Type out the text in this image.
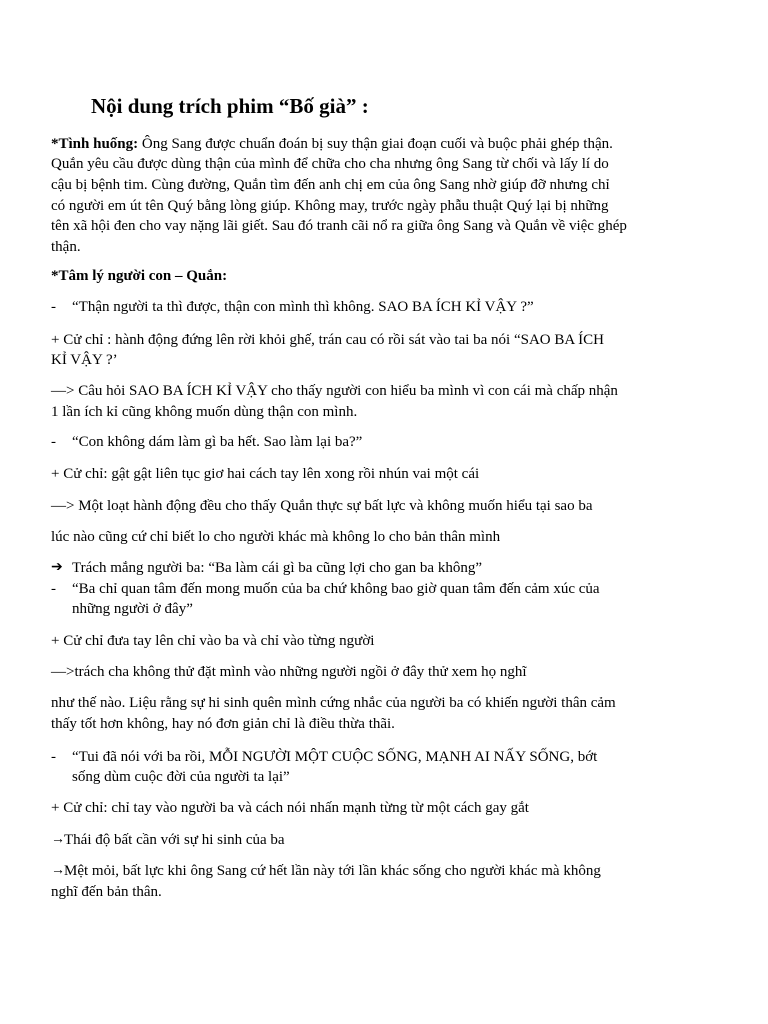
Nội dung trích phim “Bố già” :
*Tình huống: Ông Sang được chuẩn đoán bị suy thận giai đoạn cuối và buộc phải ghép thận.
Quắn yêu cầu được dùng thận của mình để chữa cho cha nhưng ông Sang từ chối và lấy lí do
cậu bị bệnh tim. Cùng đường, Quắn tìm đến anh chị em của ông Sang nhờ giúp đỡ nhưng chỉ
có người em út tên Quý bằng lòng giúp. Không may, trước ngày phẫu thuật Quý lại bị những
tên xã hội đen cho vay nặng lãi giết. Sau đó tranh cãi nổ ra giữa ông Sang và Quắn về việc ghép
thận.
*Tâm lý người con – Quắn:
- “Thận người ta thì được, thận con mình thì không. SAO BA ÍCH KỈ VẬY ?”
+ Cử chỉ : hành động đứng lên rời khỏi ghế, trán cau có rồi sát vào tai ba nói “SAO BA ÍCH
KỈ VẬY ?’
—> Câu hỏi SAO BA ÍCH KỈ VẬY cho thấy người con hiểu ba mình vì con cái mà chấp nhận
1 lần ích kỉ cũng không muốn dùng thận con mình.
- “Con không dám làm gì ba hết. Sao làm lại ba?”
+ Cử chỉ: gật gật liên tục giơ hai cách tay lên xong rồi nhún vai một cái
—> Một loạt hành động đều cho thấy Quắn thực sự bất lực và không muốn hiểu tại sao ba
lúc nào cũng cứ chỉ biết lo cho người khác mà không lo cho bản thân mình
➔ Trách mắng người ba: “Ba làm cái gì ba cũng lợi cho gan ba không”
- “Ba chỉ quan tâm đến mong muốn của ba chứ không bao giờ quan tâm đến cảm xúc của
những người ở đây”
+ Cử chỉ đưa tay lên chỉ vào ba và chỉ vào từng người
—>trách cha không thử đặt mình vào những người ngồi ở đây thử xem họ nghĩ
như thế nào. Liệu rằng sự hi sinh quên mình cứng nhắc của người ba có khiến người thân cảm
thấy tốt hơn không, hay nó đơn giản chỉ là điều thừa thãi.
- “Tui đã nói với ba rồi, MỖI NGƯỜI MỘT CUỘC SỐNG, MẠNH AI NẤY SỐNG, bớt
sống dùm cuộc đời của người ta lại”
+ Cử chỉ: chỉ tay vào người ba và cách nói nhấn mạnh từng từ một cách gay gắt
→ Thái độ bất cần với sự hi sinh của ba
→ Mệt mỏi, bất lực khi ông Sang cứ hết lần này tới lần khác sống cho người khác mà không
nghĩ đến bản thân.
